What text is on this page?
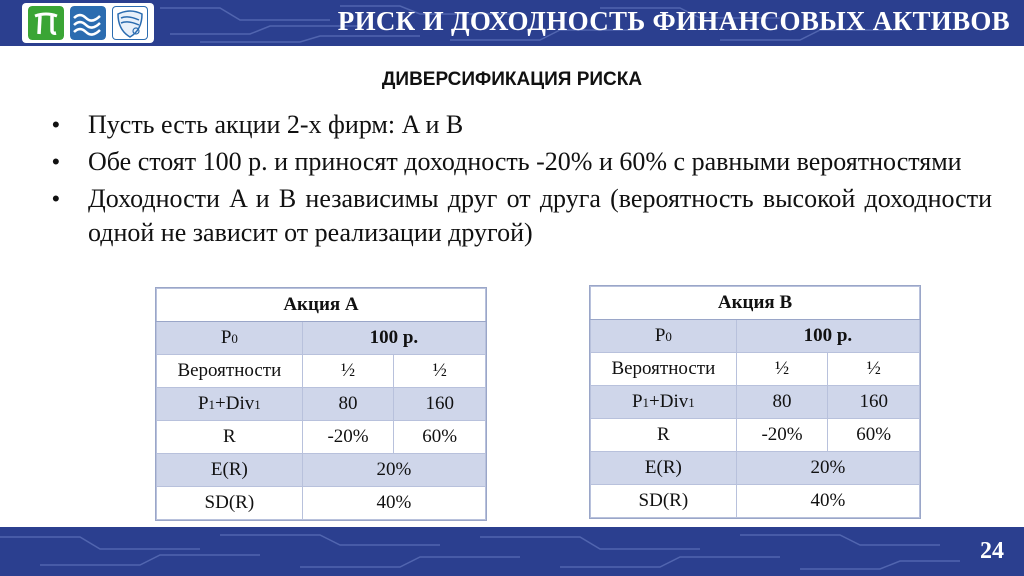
РИСК И ДОХОДНОСТЬ ФИНАНСОВЫХ АКТИВОВ
ДИВЕРСИФИКАЦИЯ РИСКА
• Пусть есть акции 2-х фирм: A и B
• Обе стоят 100 р. и приносят доходность -20% и 60% с равными вероятностями
• Доходности A и B независимы друг от друга (вероятность высокой доходности одной не зависит от реализации другой)
Акция A		
P0	100 р.	
Вероятности	½	½
P1+Div1	80	160
R	-20%	60%
E(R)	20%	
SD(R)	40%	
Акция B		
P0	100 р.	
Вероятности	½	½
P1+Div1	80	160
R	-20%	60%
E(R)	20%	
SD(R)	40%	
24
